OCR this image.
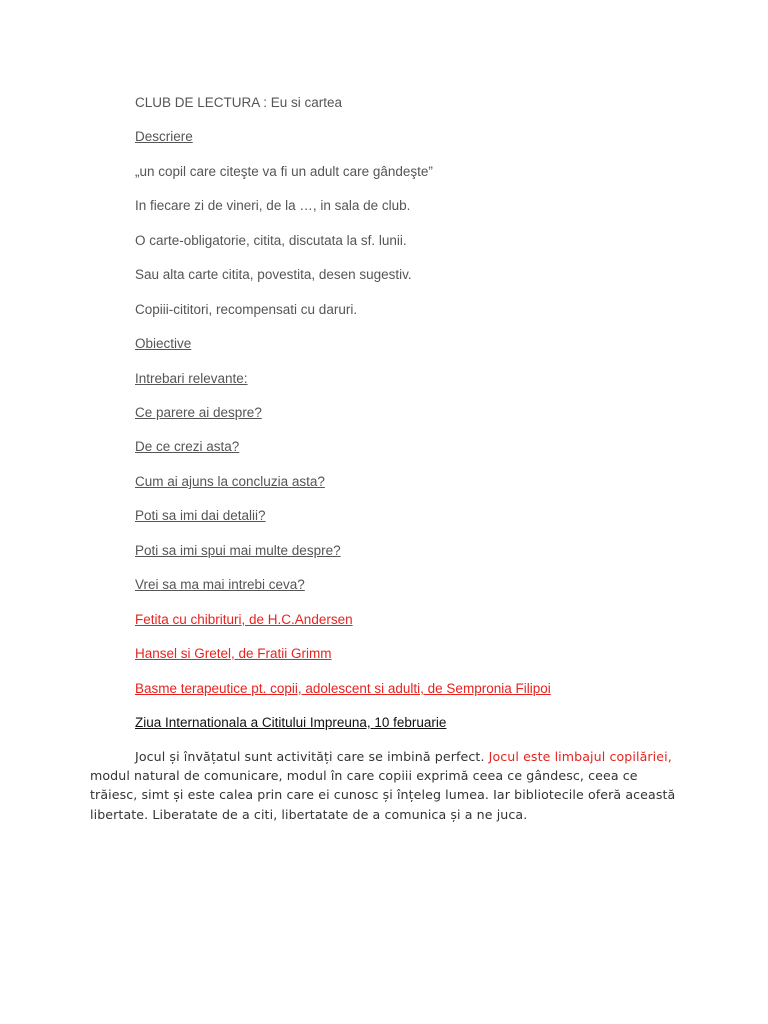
CLUB DE LECTURA : Eu si cartea
Descriere
„un copil care citeşte va fi un adult care gândeşte”
In fiecare zi de vineri, de la …, in sala de club.
O carte-obligatorie, citita, discutata la sf. lunii.
Sau alta carte citita, povestita, desen sugestiv.
Copiii-cititori, recompensati cu daruri.
Obiective
Intrebari relevante:
Ce parere ai despre?
De ce crezi asta?
Cum ai ajuns la concluzia asta?
Poti sa imi dai detalii?
Poti sa imi spui mai multe despre?
Vrei sa ma mai intrebi ceva?
Fetita cu chibrituri, de H.C.Andersen
Hansel si Gretel, de Fratii Grimm
Basme terapeutice pt. copii, adolescent si adulti, de Sempronia Filipoi
Ziua Internationala a Cititului Impreuna, 10 februarie

Jocul și învățatul sunt activități care se imbină perfect. Jocul este limbajul copilăriei, modul natural de comunicare, modul în care copiii exprimă ceea ce gândesc, ceea ce trăiesc, simt și este calea prin care ei cunosc și înțeleg lumea. Iar bibliotecile oferă această libertate. Liberatate de a citi, libertatate de a comunica și a ne juca.
